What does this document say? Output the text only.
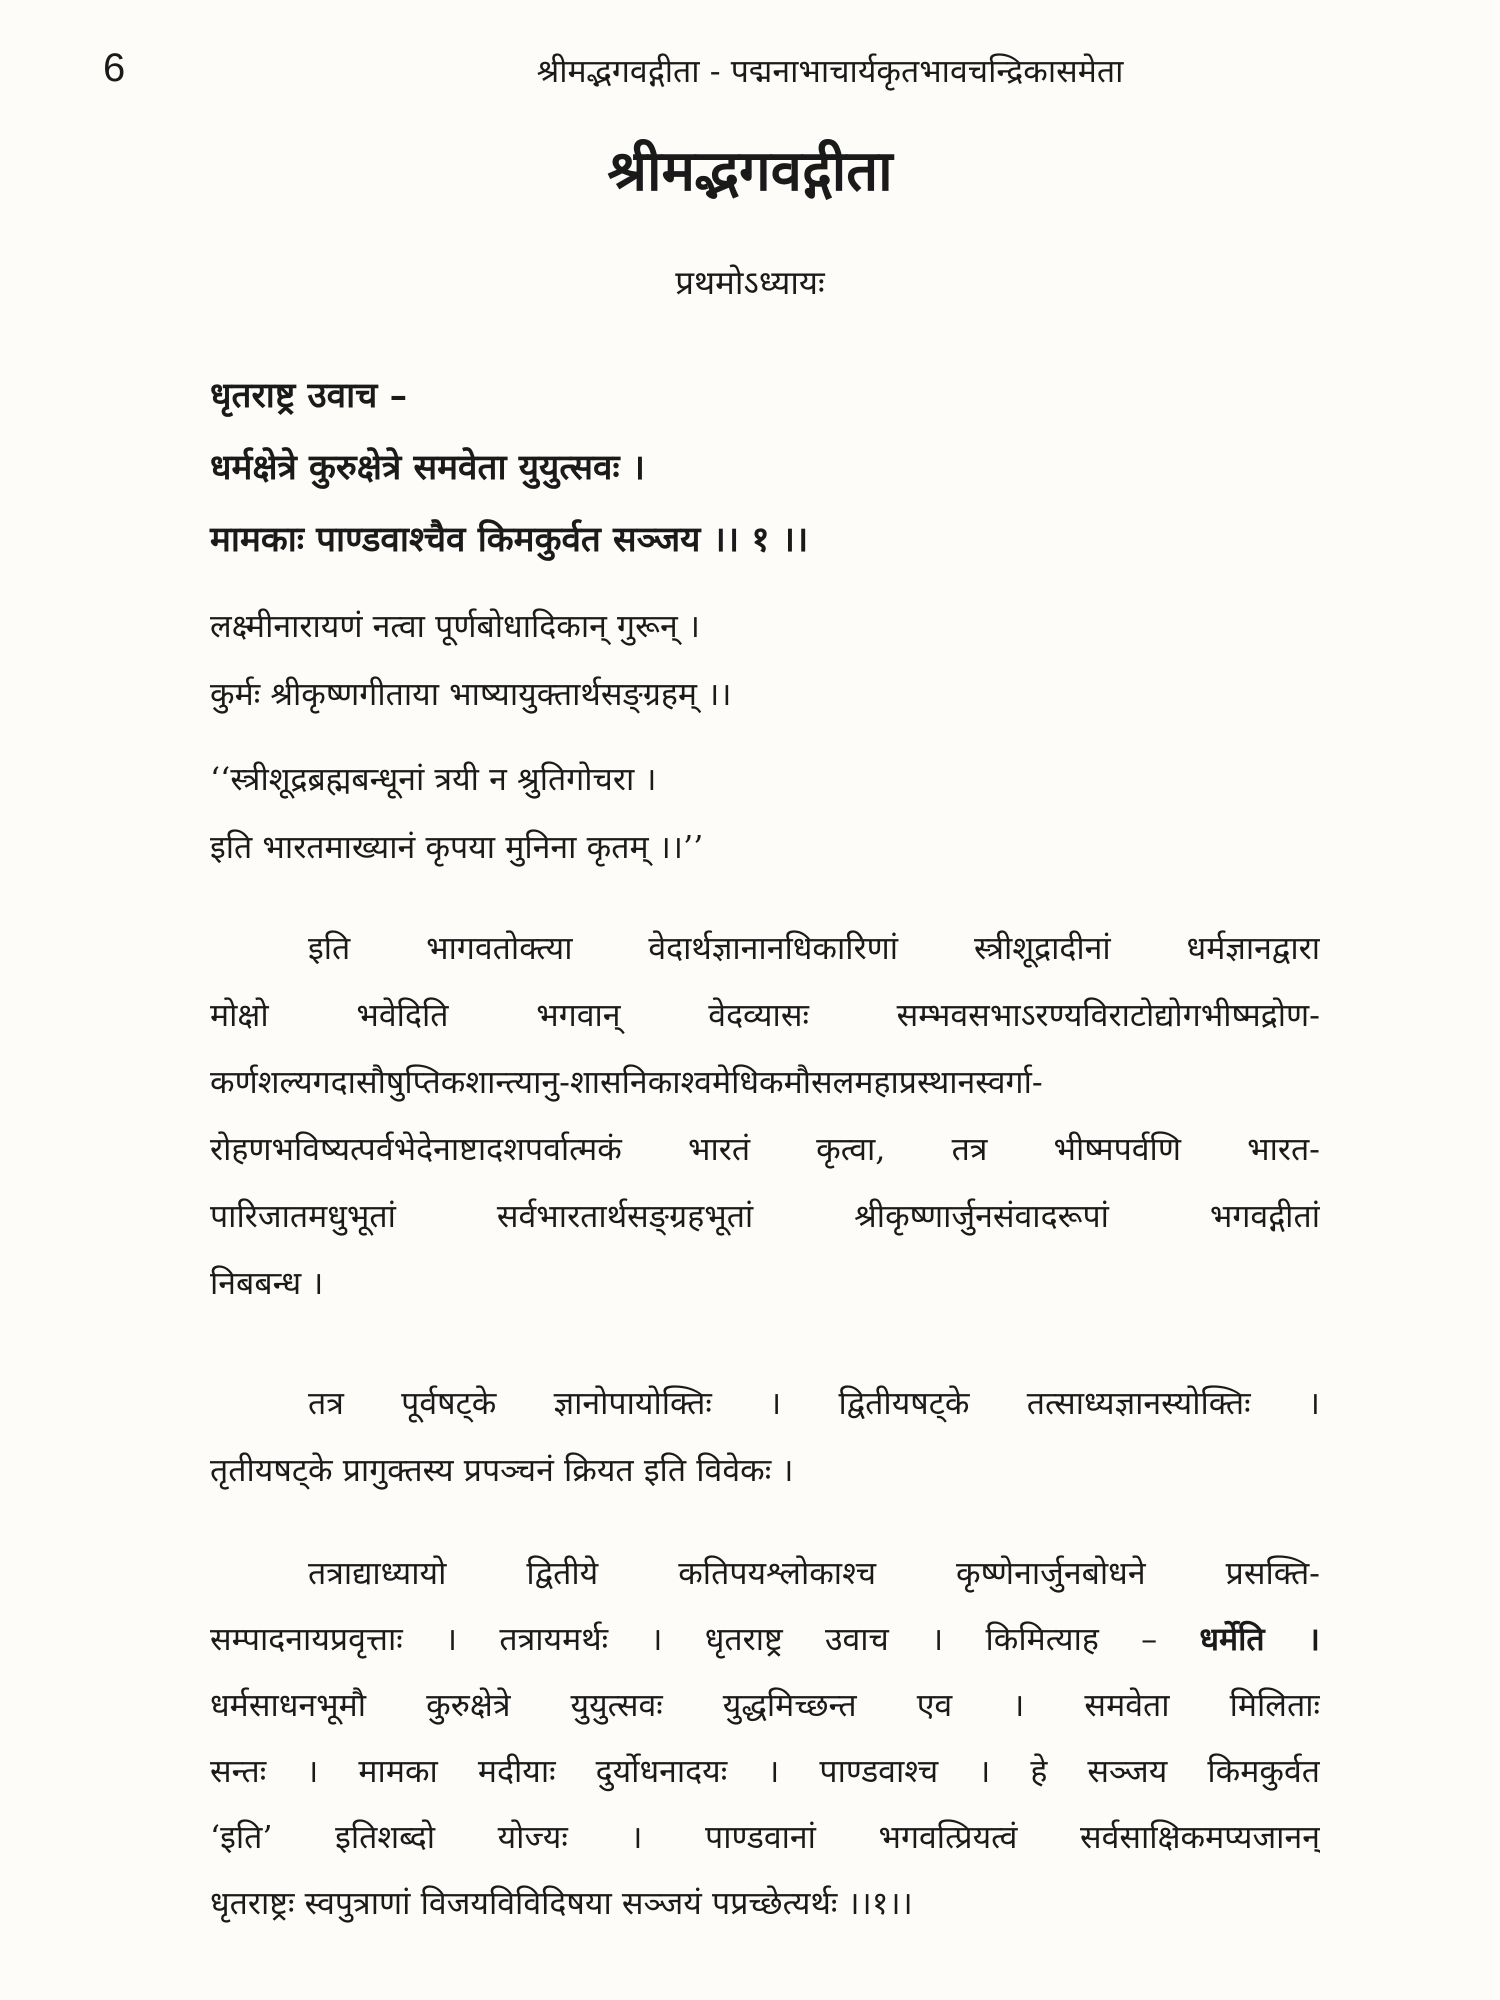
6	श्रीमद्भगवद्गीता - पद्मनाभाचार्यकृतभावचन्द्रिकासमेता
श्रीमद्भगवद्गीता
प्रथमोऽध्यायः
धृतराष्ट्र उवाच –
धर्मक्षेत्रे कुरुक्षेत्रे समवेता युयुत्सवः ।
मामकाः पाण्डवाश्चैव किमकुर्वत सञ्जय ।। १ ।।
लक्ष्मीनारायणं नत्वा पूर्णबोधादिकान् गुरून् ।
कुर्मः श्रीकृष्णगीताया भाष्यायुक्तार्थसङ्ग्रहम् ।।
‘‘स्त्रीशूद्रब्रह्मबन्धूनां त्रयी न श्रुतिगोचरा ।
इति भारतमाख्यानं कृपया मुनिना कृतम् ।।’’
इति भागवतोक्त्या वेदार्थज्ञानानधिकारिणां स्त्रीशूद्रादीनां धर्मज्ञानद्वारा
मोक्षो भवेदिति भगवान् वेदव्यासः सम्भवसभाऽरण्यविराटोद्योगभीष्मद्रोण-
कर्णशल्यगदासौषुप्तिकशान्त्यानु-शासनिकाश्वमेधिकमौसलमहाप्रस्थानस्वर्गा-
रोहणभविष्यत्पर्वभेदेनाष्टादशपर्वात्मकं भारतं कृत्वा, तत्र भीष्मपर्वणि भारत-
पारिजातमधुभूतां सर्वभारतार्थसङ्ग्रहभूतां श्रीकृष्णार्जुनसंवादरूपां भगवद्गीतां
निबबन्ध ।
तत्र पूर्वषट्के ज्ञानोपायोक्तिः । द्वितीयषट्के तत्साध्यज्ञानस्योक्तिः ।
तृतीयषट्के प्रागुक्तस्य प्रपञ्चनं क्रियत इति विवेकः ।
तत्राद्याध्यायो द्वितीये कतिपयश्लोकाश्च कृष्णेनार्जुनबोधने प्रसक्ति-
सम्पादनायप्रवृत्ताः । तत्रायमर्थः । धृतराष्ट्र उवाच । किमित्याह – धर्मेति ।
धर्मसाधनभूमौ कुरुक्षेत्रे युयुत्सवः युद्धमिच्छन्त एव । समवेता मिलिताः
सन्तः । मामका मदीयाः दुर्योधनादयः । पाण्डवाश्च । हे सञ्जय किमकुर्वत
‘इति’ इतिशब्दो योज्यः । पाण्डवानां भगवत्प्रियत्वं सर्वसाक्षिकमप्यजानन्
धृतराष्ट्रः स्वपुत्राणां विजयविविदिषया सञ्जयं पप्रच्छेत्यर्थः ।।१।।
